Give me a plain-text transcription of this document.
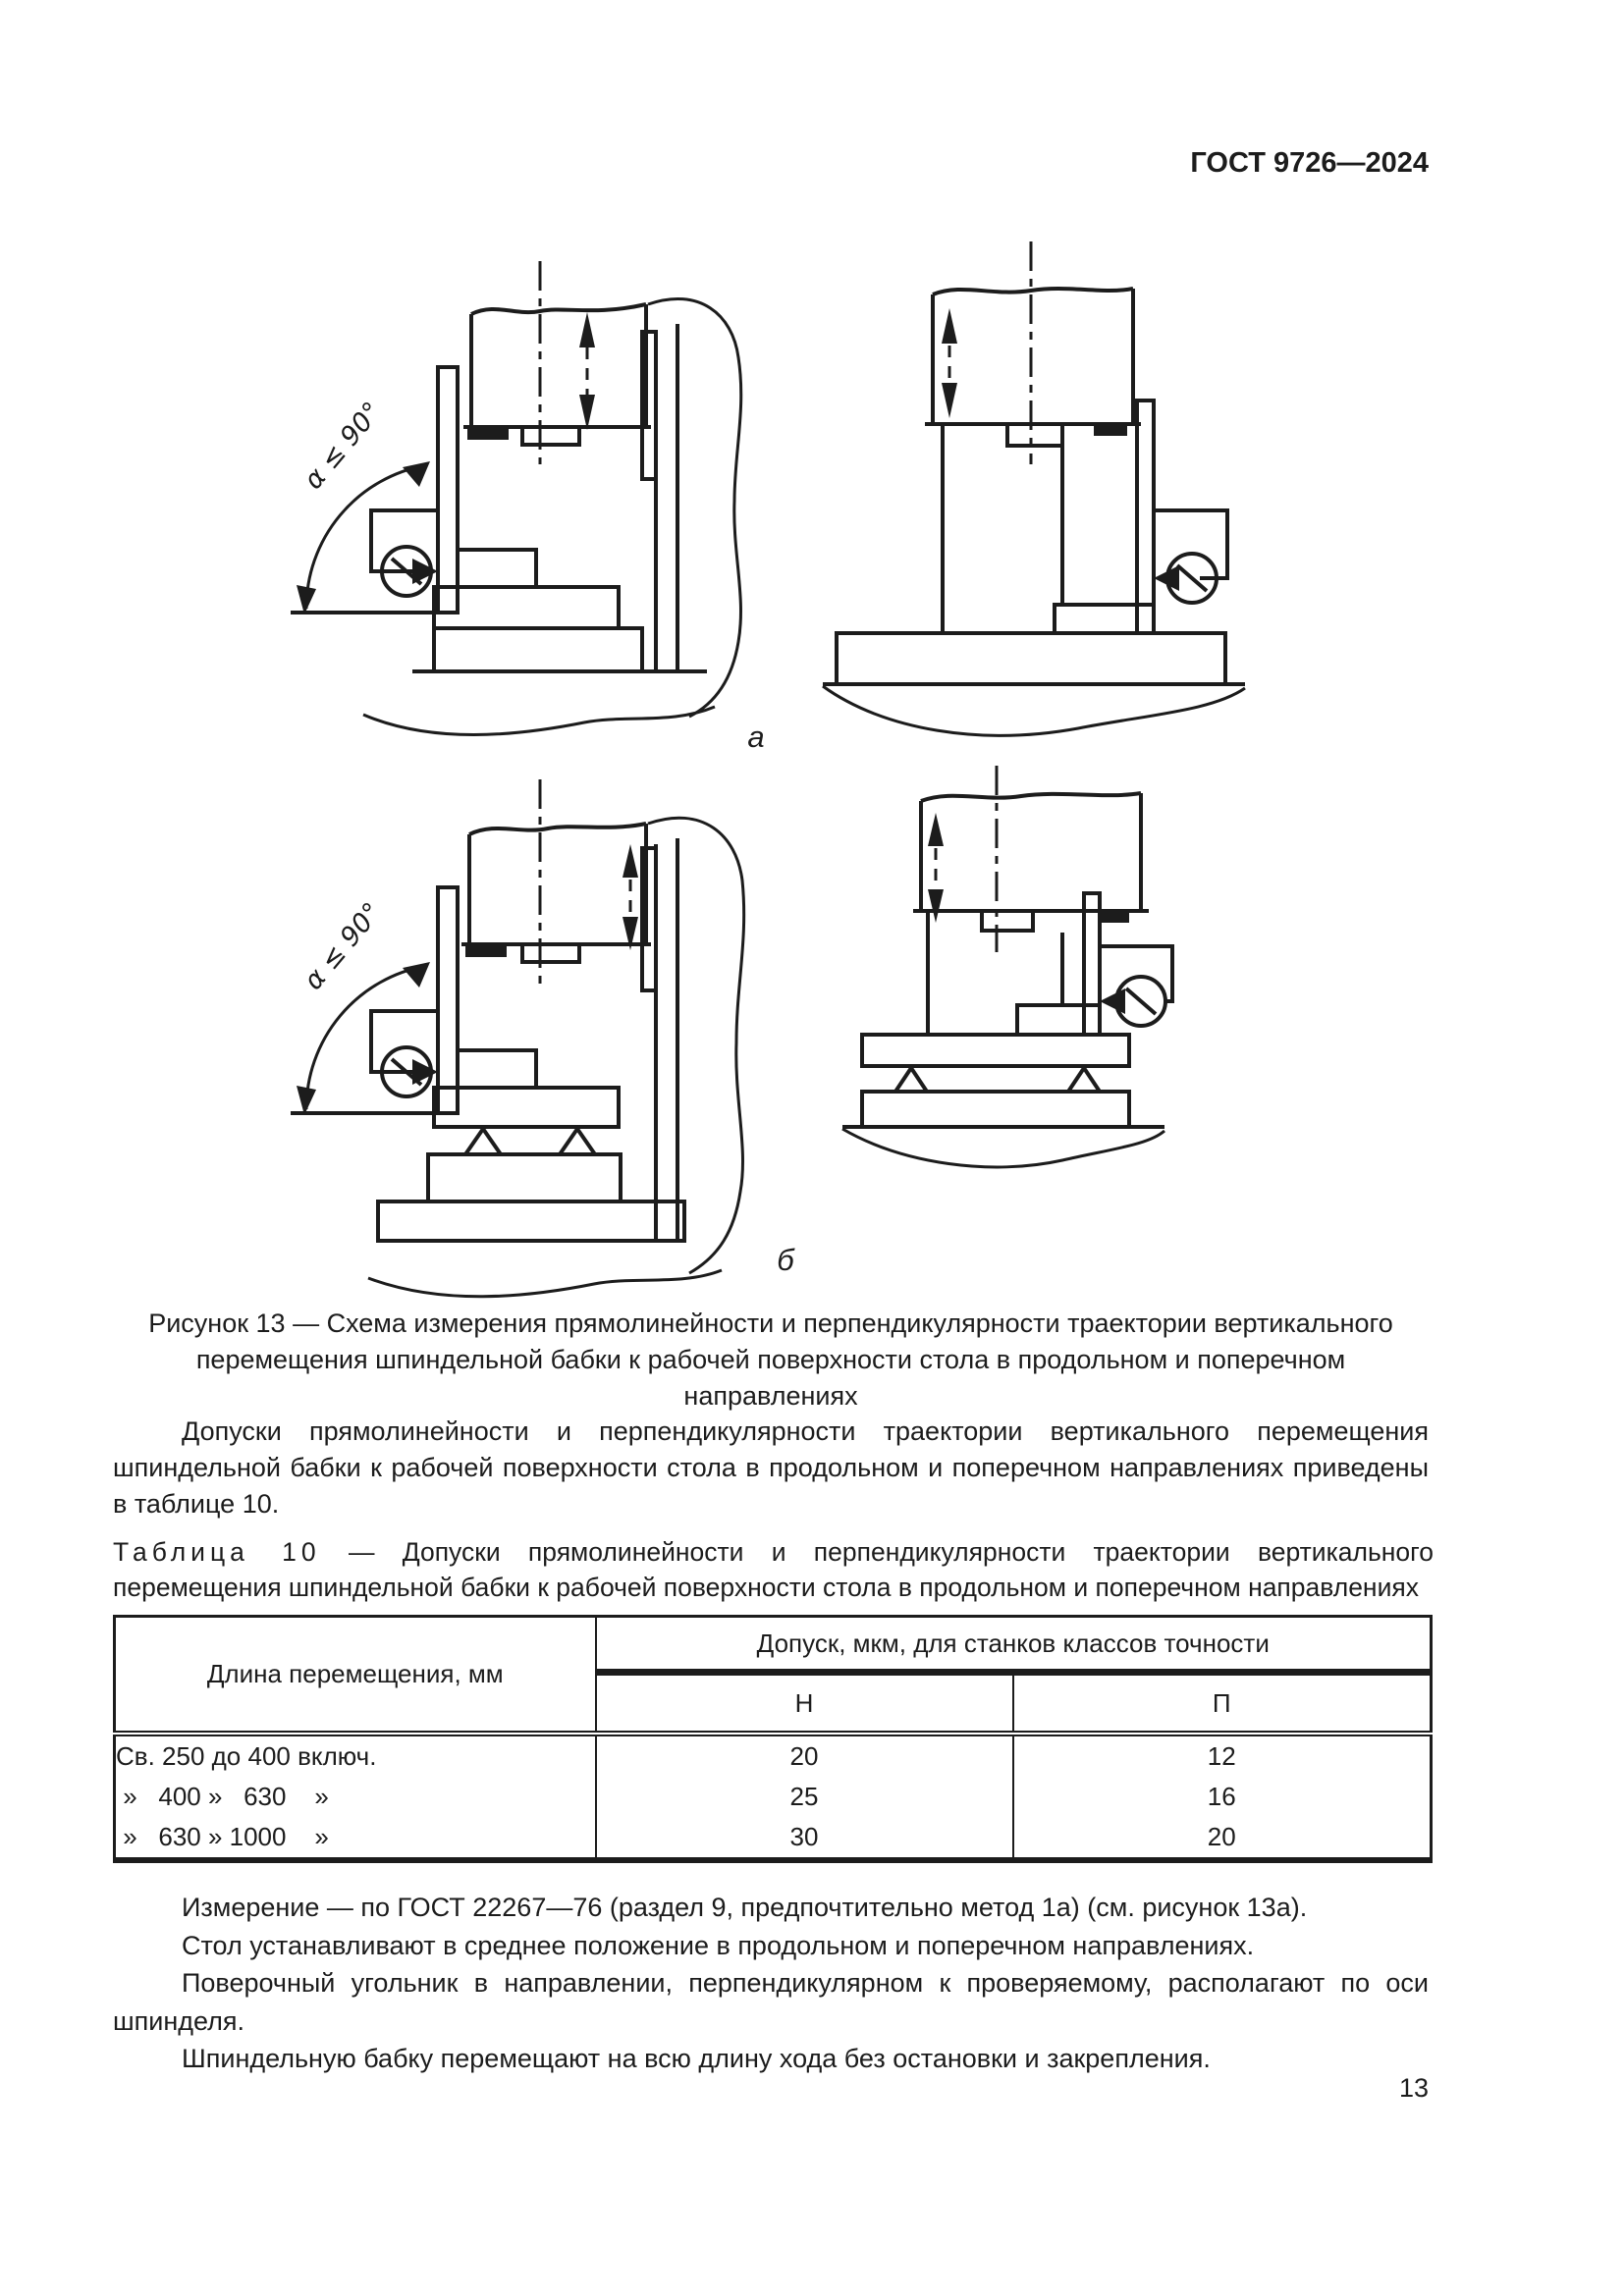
ГОСТ 9726—2024
α ≤ 90°
а
α ≤ 90°
б
Рисунок 13 — Схема измерения прямолинейности и перпендикулярности траектории вертикального
перемещения шпиндельной бабки к рабочей поверхности стола в продольном и поперечном направлениях
Допуски прямолинейности и перпендикулярности траектории вертикального перемещения шпиндельной бабки к рабочей поверхности стола в продольном и поперечном направлениях приведены в таблице 10.
Таблица 10 — Допуски прямолинейности и перпендикулярности траектории вертикального перемещения шпиндельной бабки к рабочей поверхности стола в продольном и поперечном направлениях
Длина перемещения, мм	Допуск, мкм, для станков классов точности	
	Н	П
Св. 250 до 400 включ.	20	12
»   400 »   630    »	25	16
»   630 » 1000    »	30	20

Измерение — по ГОСТ 22267—76 (раздел 9, предпочтительно метод 1а) (см. рисунок 13а).

Стол устанавливают в среднее положение в продольном и поперечном направлениях.

Поверочный угольник в направлении, перпендикулярном к проверяемому, располагают по оси шпинделя.

Шпиндельную бабку перемещают на всю длину хода без остановки и закрепления.

13
